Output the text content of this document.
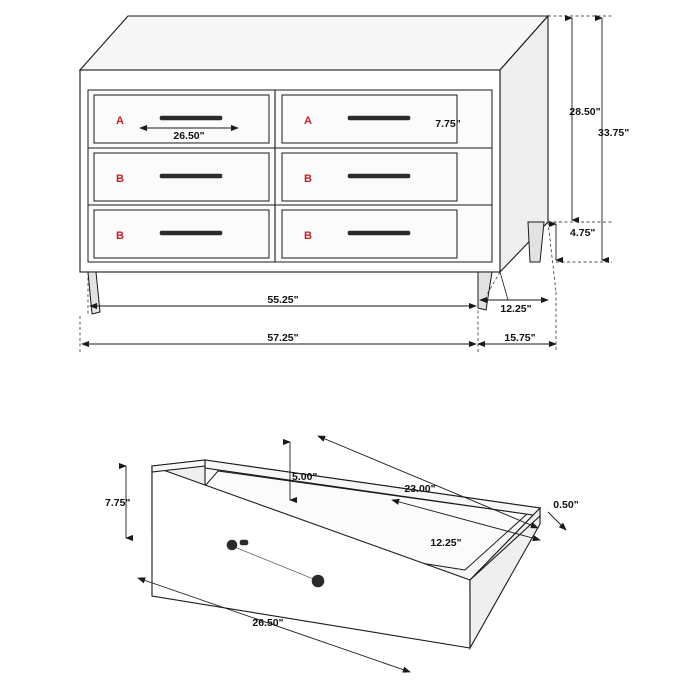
A	A
B	B
B	B
26.50"
7.75"
28.50"
33.75"
4.75"
55.25"
12.25"
57.25"	15.75"
5.00"
23.00"
7.75"
12.25"
0.50"
26.50"
